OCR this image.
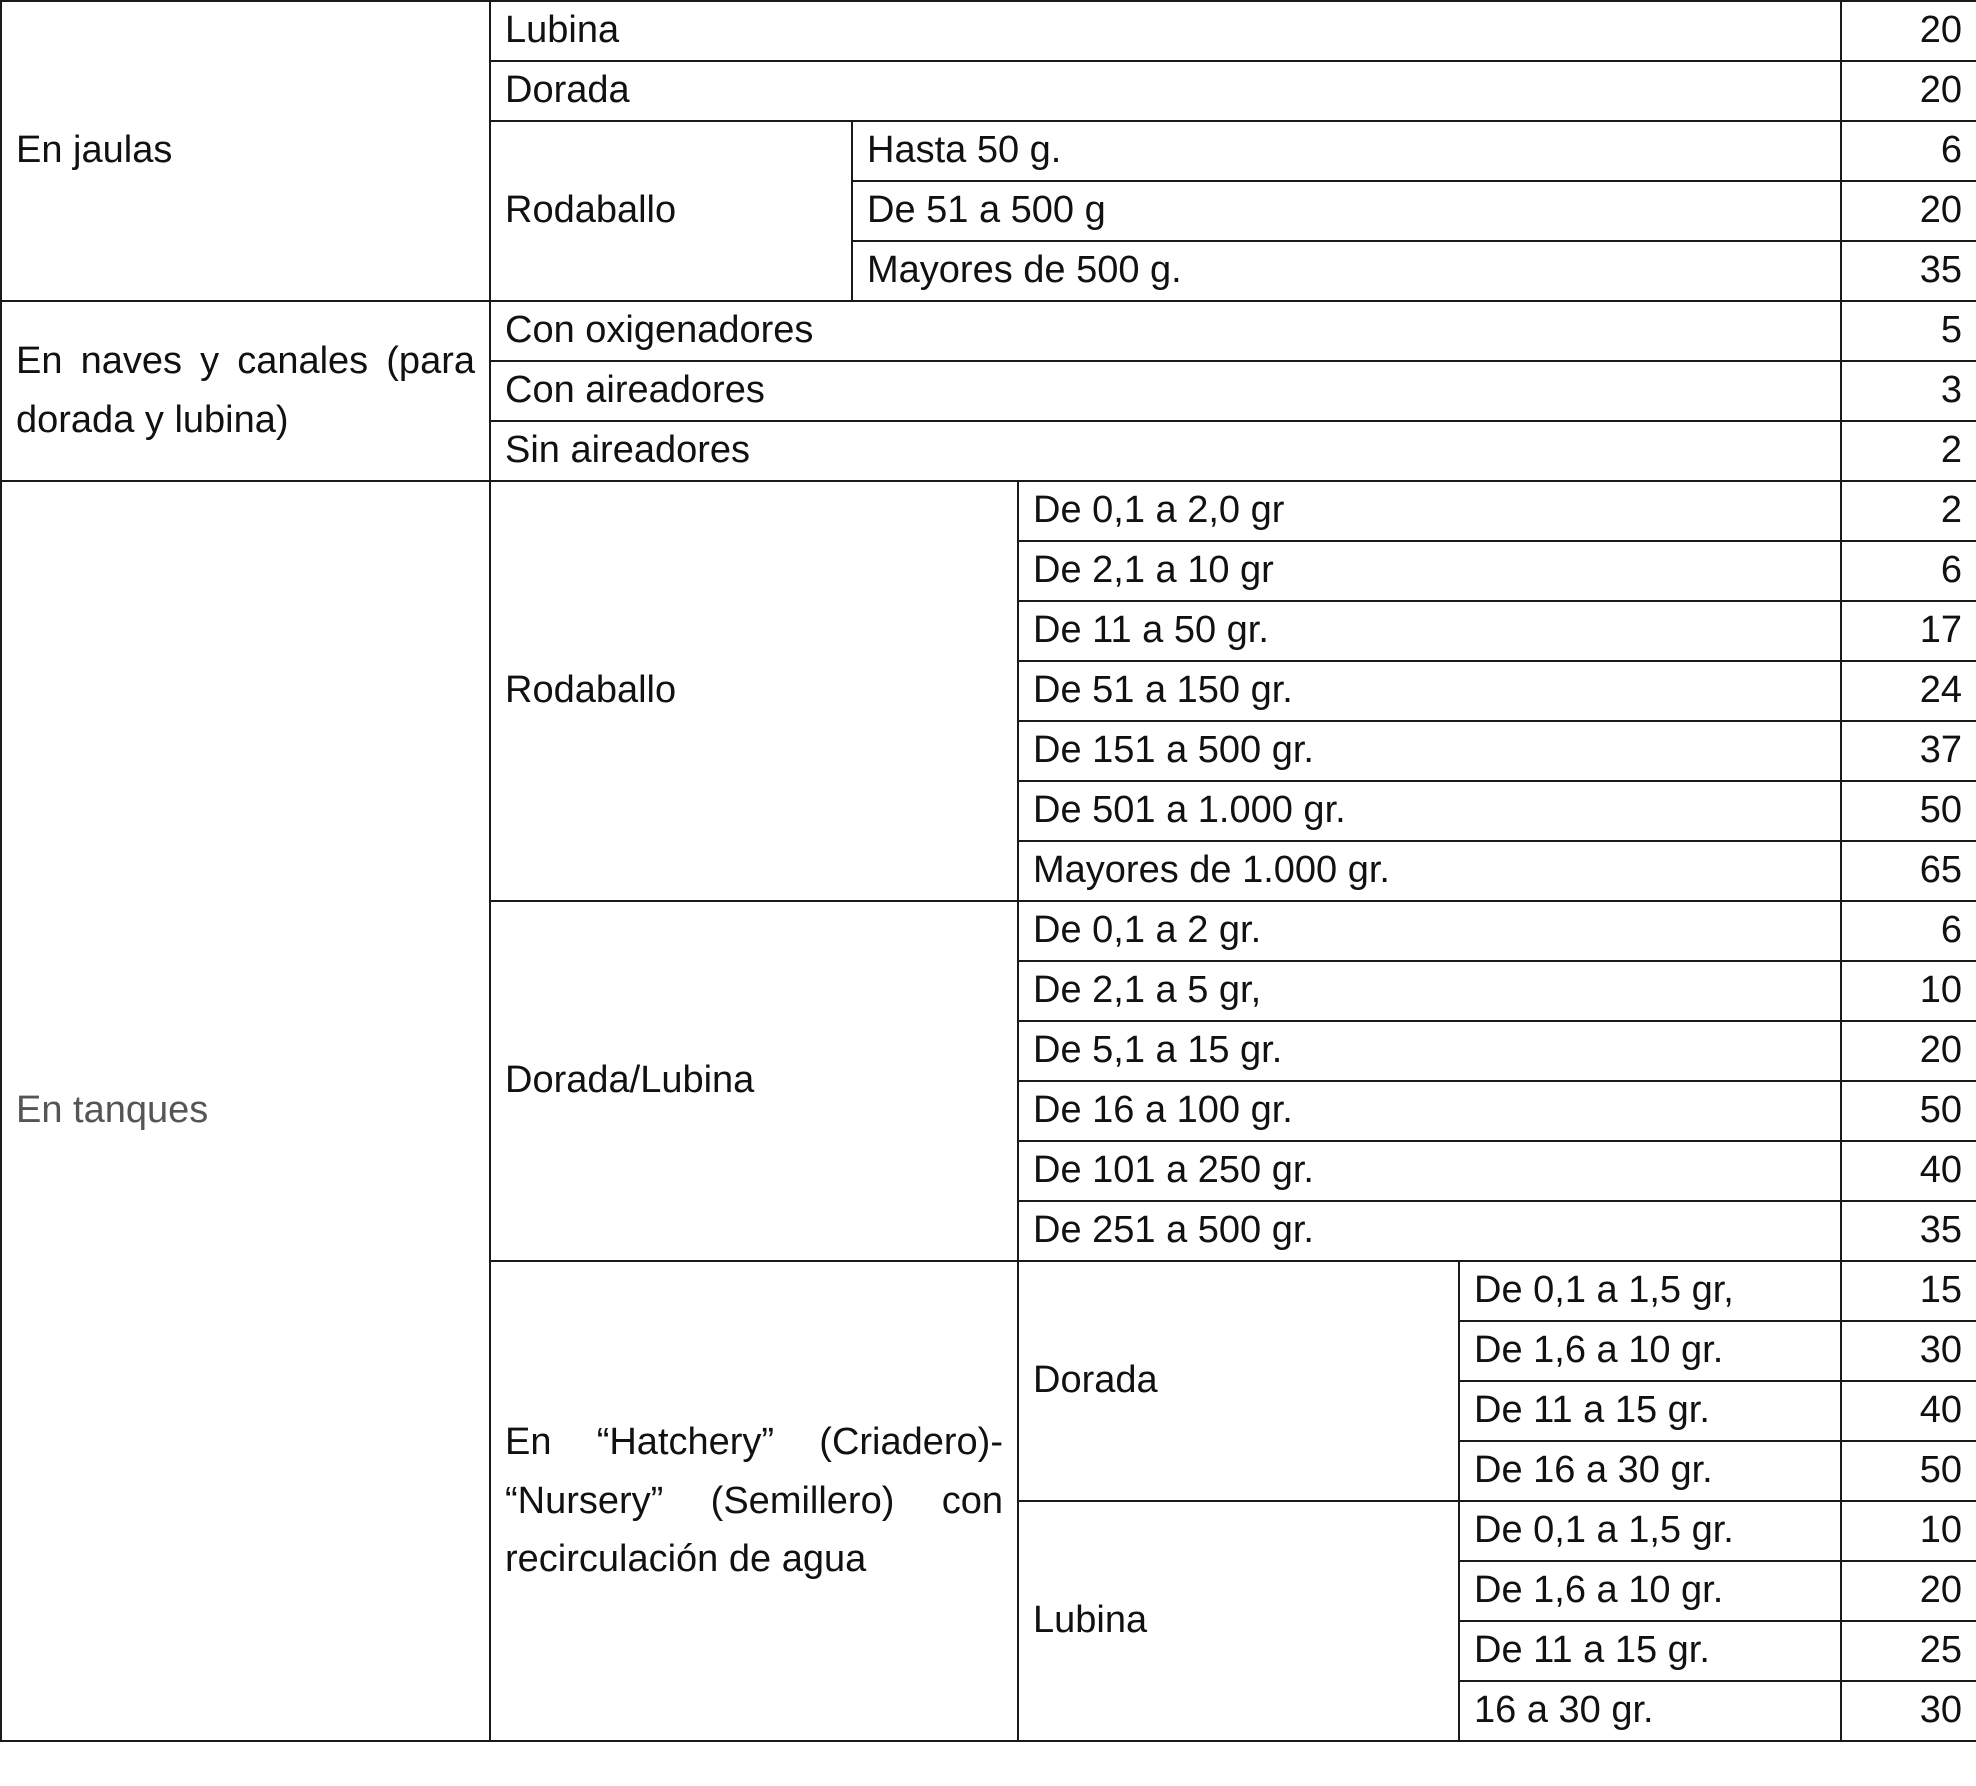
En jaulas	Lubina				20
	Dorada				20
	Rodaballo	Hasta 50 g.			6
		De 51 a 500 g			20
		Mayores de 500 g.			35
En naves y canales (para dorada y lubina)	Con oxigenadores				5
	Con aireadores				3
	Sin aireadores				2
En tanques	Rodaballo		De 0,1 a 2,0 gr		2
			De 2,1 a 10 gr		6
			De 11 a 50 gr.		17
			De 51 a 150 gr.		24
			De 151 a 500 gr.		37
			De 501 a 1.000 gr.		50
			Mayores de 1.000 gr.		65
	Dorada/Lubina		De 0,1 a 2 gr.		6
			De 2,1 a 5 gr,		10
			De 5,1 a 15 gr.		20
			De 16 a 100 gr.		50
			De 101 a 250 gr.		40
			De 251 a 500 gr.		35
	En “Hatchery” (Criadero)- “Nursery” (Semillero) con recirculación de agua		Dorada	De 0,1 a 1,5 gr,	15
				De 1,6 a 10 gr.	30
				De 11 a 15 gr.	40
				De 16 a 30 gr.	50
			Lubina	De 0,1 a 1,5 gr.	10
				De 1,6 a 10 gr.	20
				De 11 a 15 gr.	25
				16 a 30 gr.	30
